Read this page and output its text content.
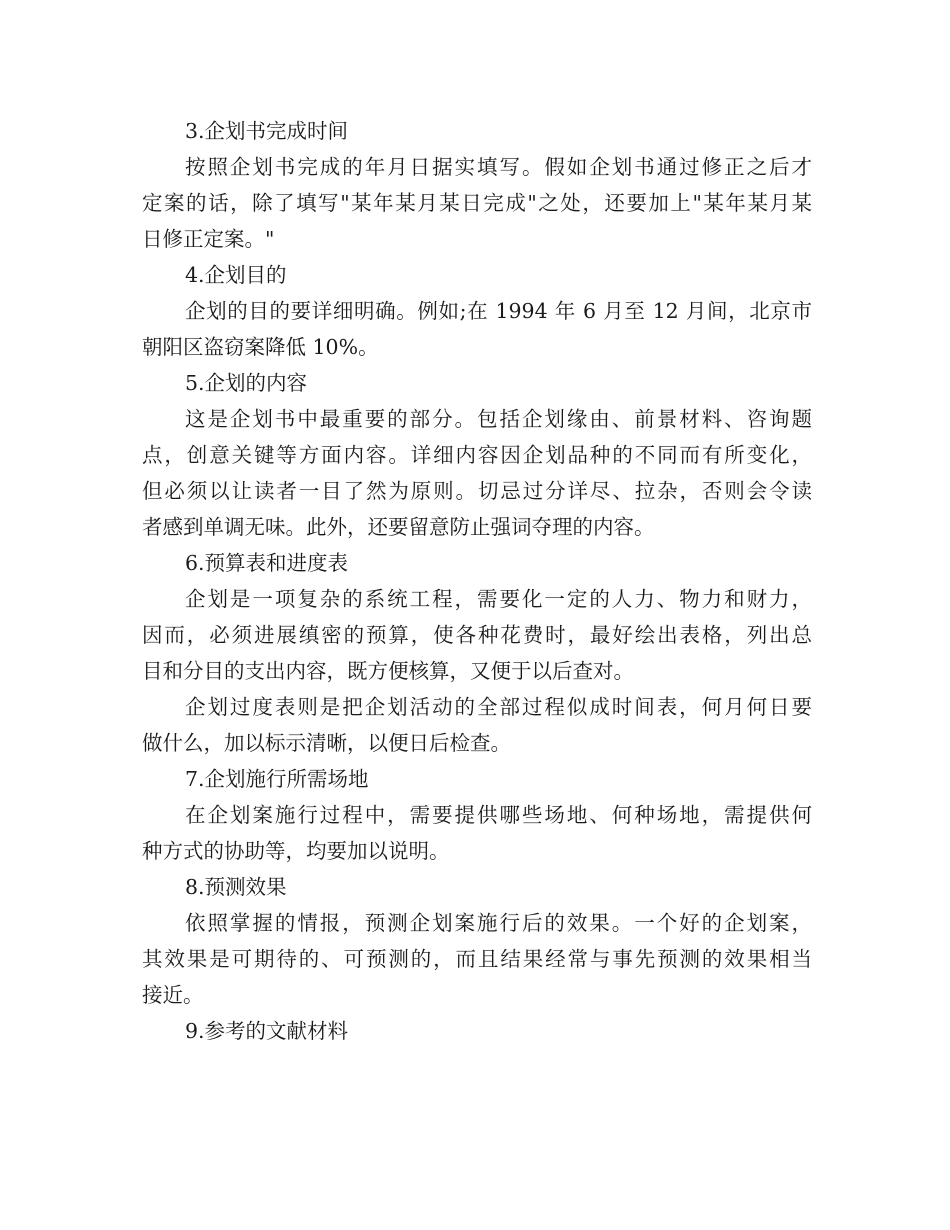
3.企划书完成时间
按照企划书完成的年月日据实填写。假如企划书通过修正之后才
定案的话，除了填写"某年某月某日完成"之处，还要加上"某年某月某
日修正定案。"
4.企划目的
企划的目的要详细明确。例如;在 1994 年 6 月至 12 月间，北京市
朝阳区盗窃案降低 10%。
5.企划的内容
这是企划书中最重要的部分。包括企划缘由、前景材料、咨询题
点，创意关键等方面内容。详细内容因企划品种的不同而有所变化，
但必须以让读者一目了然为原则。切忌过分详尽、拉杂，否则会令读
者感到单调无味。此外，还要留意防止强词夺理的内容。
6.预算表和进度表
企划是一项复杂的系统工程，需要化一定的人力、物力和财力，
因而，必须进展缜密的预算，使各种花费时，最好绘出表格，列出总
目和分目的支出内容，既方便核算，又便于以后查对。
企划过度表则是把企划活动的全部过程似成时间表，何月何日要
做什么，加以标示清晰，以便日后检查。
7.企划施行所需场地
在企划案施行过程中，需要提供哪些场地、何种场地，需提供何
种方式的协助等，均要加以说明。
8.预测效果
依照掌握的情报，预测企划案施行后的效果。一个好的企划案，
其效果是可期待的、可预测的，而且结果经常与事先预测的效果相当
接近。
9.参考的文献材料
